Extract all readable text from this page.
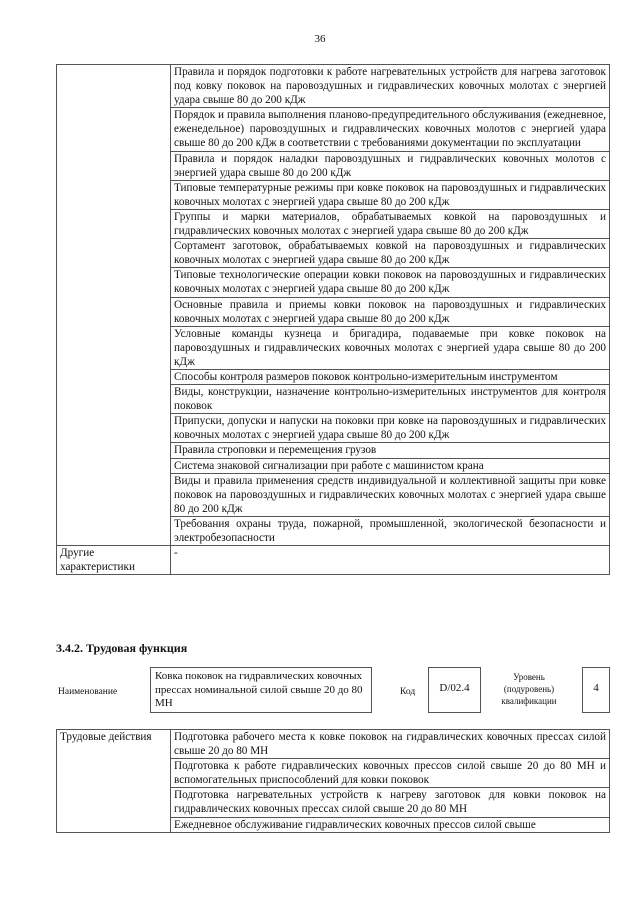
36
	Правила и порядок подготовки к работе нагревательных устройств для нагрева заготовок под ковку поковок на паровоздушных и гидравлических ковочных молотах с энергией удара свыше 80 до 200 кДж
	Порядок и правила выполнения планово-предупредительного обслуживания (ежедневное, еженедельное) паровоздушных и гидравлических ковочных молотов с энергией удара свыше 80 до 200 кДж в соответствии с требованиями документации по эксплуатации
	Правила и порядок наладки паровоздушных и гидравлических ковочных молотов с энергией удара свыше 80 до 200 кДж
	Типовые температурные режимы при ковке поковок на паровоздушных и гидравлических ковочных молотах с энергией удара свыше 80 до 200 кДж
	Группы и марки материалов, обрабатываемых ковкой на паровоздушных и гидравлических ковочных молотах с энергией удара свыше 80 до 200 кДж
	Сортамент заготовок, обрабатываемых ковкой на паровоздушных и гидравлических ковочных молотах с энергией удара свыше 80 до 200 кДж
	Типовые технологические операции ковки поковок на паровоздушных и гидравлических ковочных молотах с энергией удара свыше 80 до 200 кДж
	Основные правила и приемы ковки поковок на паровоздушных и гидравлических ковочных молотах с энергией удара свыше 80 до 200 кДж
	Условные команды кузнеца и бригадира, подаваемые при ковке поковок на паровоздушных и гидравлических ковочных молотах с энергией удара свыше 80 до 200 кДж
	Способы контроля размеров поковок контрольно-измерительным инструментом
	Виды, конструкции, назначение контрольно-измерительных инструментов для контроля поковок
	Припуски, допуски и напуски на поковки при ковке на паровоздушных и гидравлических ковочных молотах с энергией удара свыше 80 до 200 кДж
	Правила строповки и перемещения грузов
	Система знаковой сигнализации при работе с машинистом крана
	Виды и правила применения средств индивидуальной и коллективной защиты при ковке поковок на паровоздушных и гидравлических ковочных молотах с энергией удара свыше 80 до 200 кДж
	Требования охраны труда, пожарной, промышленной, экологической безопасности и электробезопасности
Другие характеристики	-
3.4.2. Трудовая функция
Наименование
Ковка поковок на гидравлических ковочных прессах номинальной силой свыше 20 до 80 МН
Код	D/02.4
Уровень (подуровень) квалификации
4
Трудовые действия	Подготовка рабочего места к ковке поковок на гидравлических ковочных прессах силой свыше 20 до 80 МН
Подготовка к работе гидравлических ковочных прессов силой свыше 20 до 80 МН и вспомогательных приспособлений для ковки поковок
Подготовка нагревательных устройств к нагреву заготовок для ковки поковок на гидравлических ковочных прессах силой свыше 20 до 80 МН
Ежедневное обслуживание гидравлических ковочных прессов силой свыше
